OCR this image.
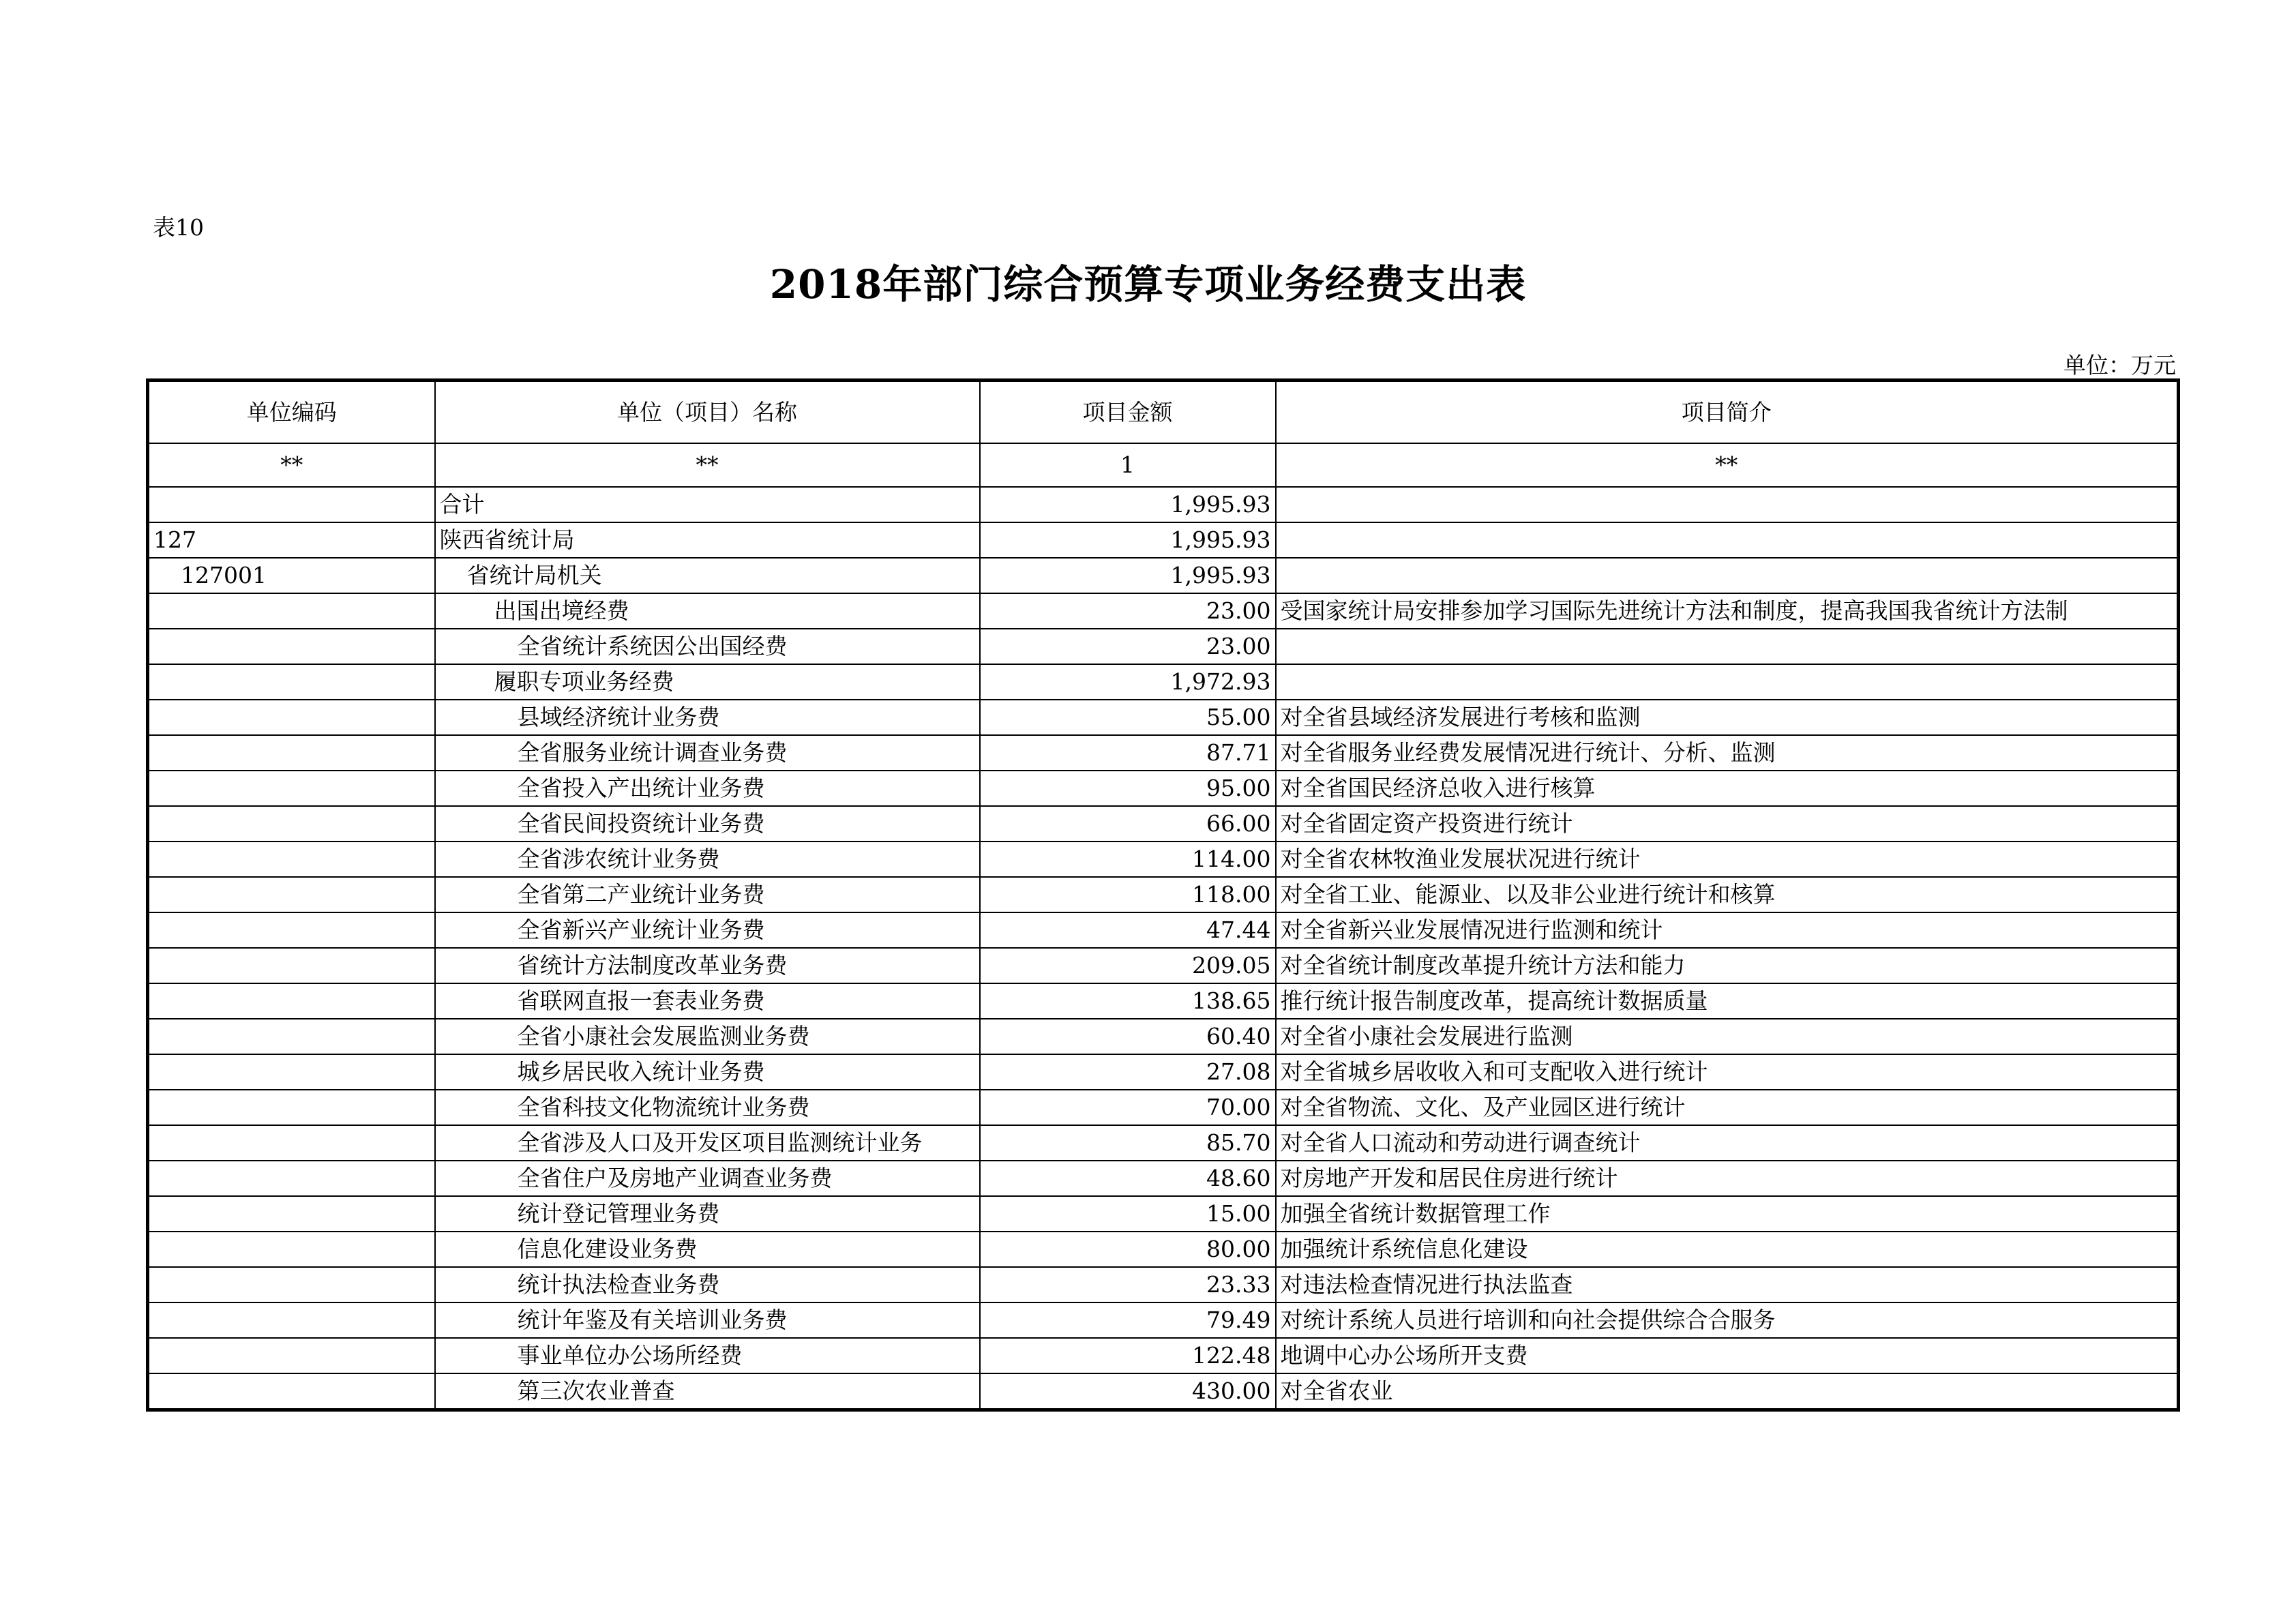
表10
2018年部门综合预算专项业务经费支出表
单位：万元
单位编码	单位（项目）名称	项目金额	项目简介
**	**	1	**
	合计	1,995.93	
127	陕西省统计局	1,995.93	
127001	省统计局机关	1,995.93	
	出国出境经费	23.00	受国家统计局安排参加学习国际先进统计方法和制度，提高我国我省统计方法制
	全省统计系统因公出国经费	23.00	
	履职专项业务经费	1,972.93	
	县域经济统计业务费	55.00	对全省县域经济发展进行考核和监测
	全省服务业统计调查业务费	87.71	对全省服务业经费发展情况进行统计、分析、监测
	全省投入产出统计业务费	95.00	对全省国民经济总收入进行核算
	全省民间投资统计业务费	66.00	对全省固定资产投资进行统计
	全省涉农统计业务费	114.00	对全省农林牧渔业发展状况进行统计
	全省第二产业统计业务费	118.00	对全省工业、能源业、以及非公业进行统计和核算
	全省新兴产业统计业务费	47.44	对全省新兴业发展情况进行监测和统计
	省统计方法制度改革业务费	209.05	对全省统计制度改革提升统计方法和能力
	省联网直报一套表业务费	138.65	推行统计报告制度改革，提高统计数据质量
	全省小康社会发展监测业务费	60.40	对全省小康社会发展进行监测
	城乡居民收入统计业务费	27.08	对全省城乡居收收入和可支配收入进行统计
	全省科技文化物流统计业务费	70.00	对全省物流、文化、及产业园区进行统计
	全省涉及人口及开发区项目监测统计业务	85.70	对全省人口流动和劳动进行调查统计
	全省住户及房地产业调查业务费	48.60	对房地产开发和居民住房进行统计
	统计登记管理业务费	15.00	加强全省统计数据管理工作
	信息化建设业务费	80.00	加强统计系统信息化建设
	统计执法检查业务费	23.33	对违法检查情况进行执法监查
	统计年鉴及有关培训业务费	79.49	对统计系统人员进行培训和向社会提供综合合服务
	事业单位办公场所经费	122.48	地调中心办公场所开支费
	第三次农业普查	430.00	对全省农业
